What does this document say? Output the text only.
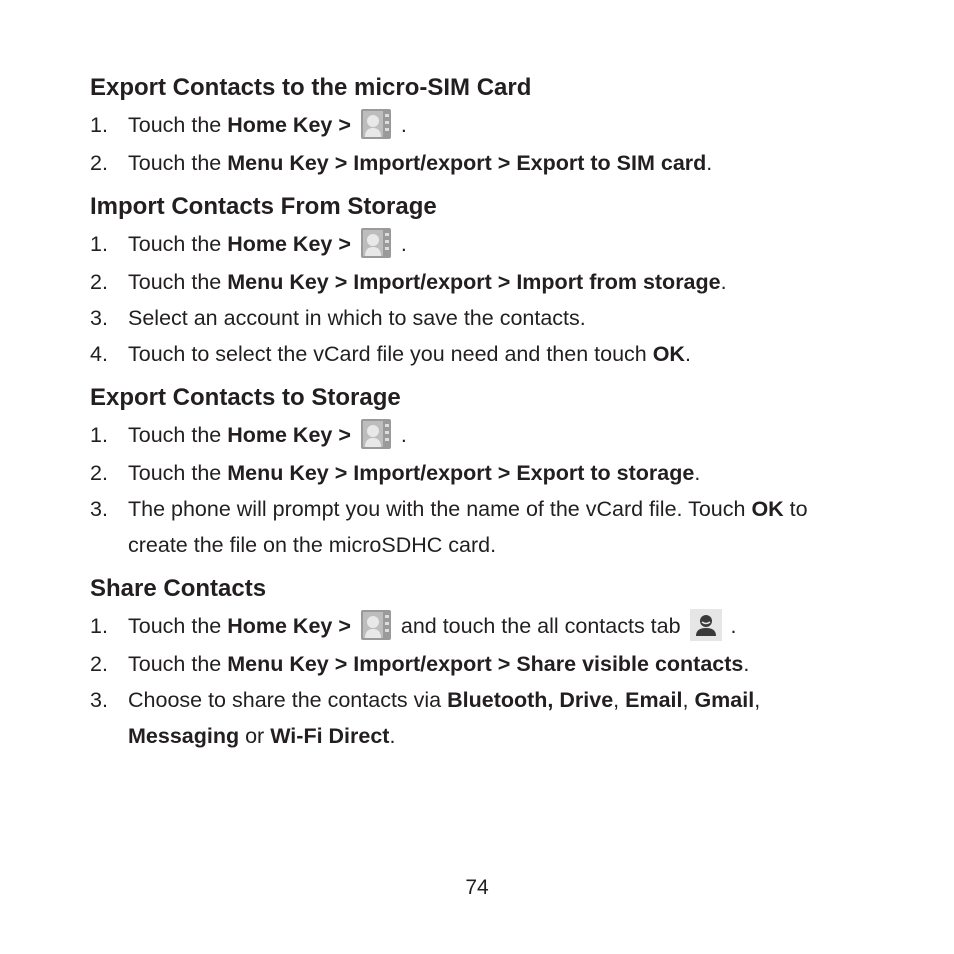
Export Contacts to the micro-SIM Card
1. Touch the Home Key >  .
2. Touch the Menu Key > Import/export > Export to SIM card.
Import Contacts From Storage
1. Touch the Home Key >  .
2. Touch the Menu Key > Import/export > Import from storage.
3. Select an account in which to save the contacts.
4. Touch to select the vCard file you need and then touch OK.
Export Contacts to Storage
1. Touch the Home Key >  .
2. Touch the Menu Key > Import/export > Export to storage.
3. The phone will prompt you with the name of the vCard file. Touch OK to create the file on the microSDHC card.
Share Contacts
1. Touch the Home Key >  and touch the all contacts tab  .
2. Touch the Menu Key > Import/export > Share visible contacts.
3. Choose to share the contacts via Bluetooth, Drive, Email, Gmail, Messaging or Wi-Fi Direct.
74
